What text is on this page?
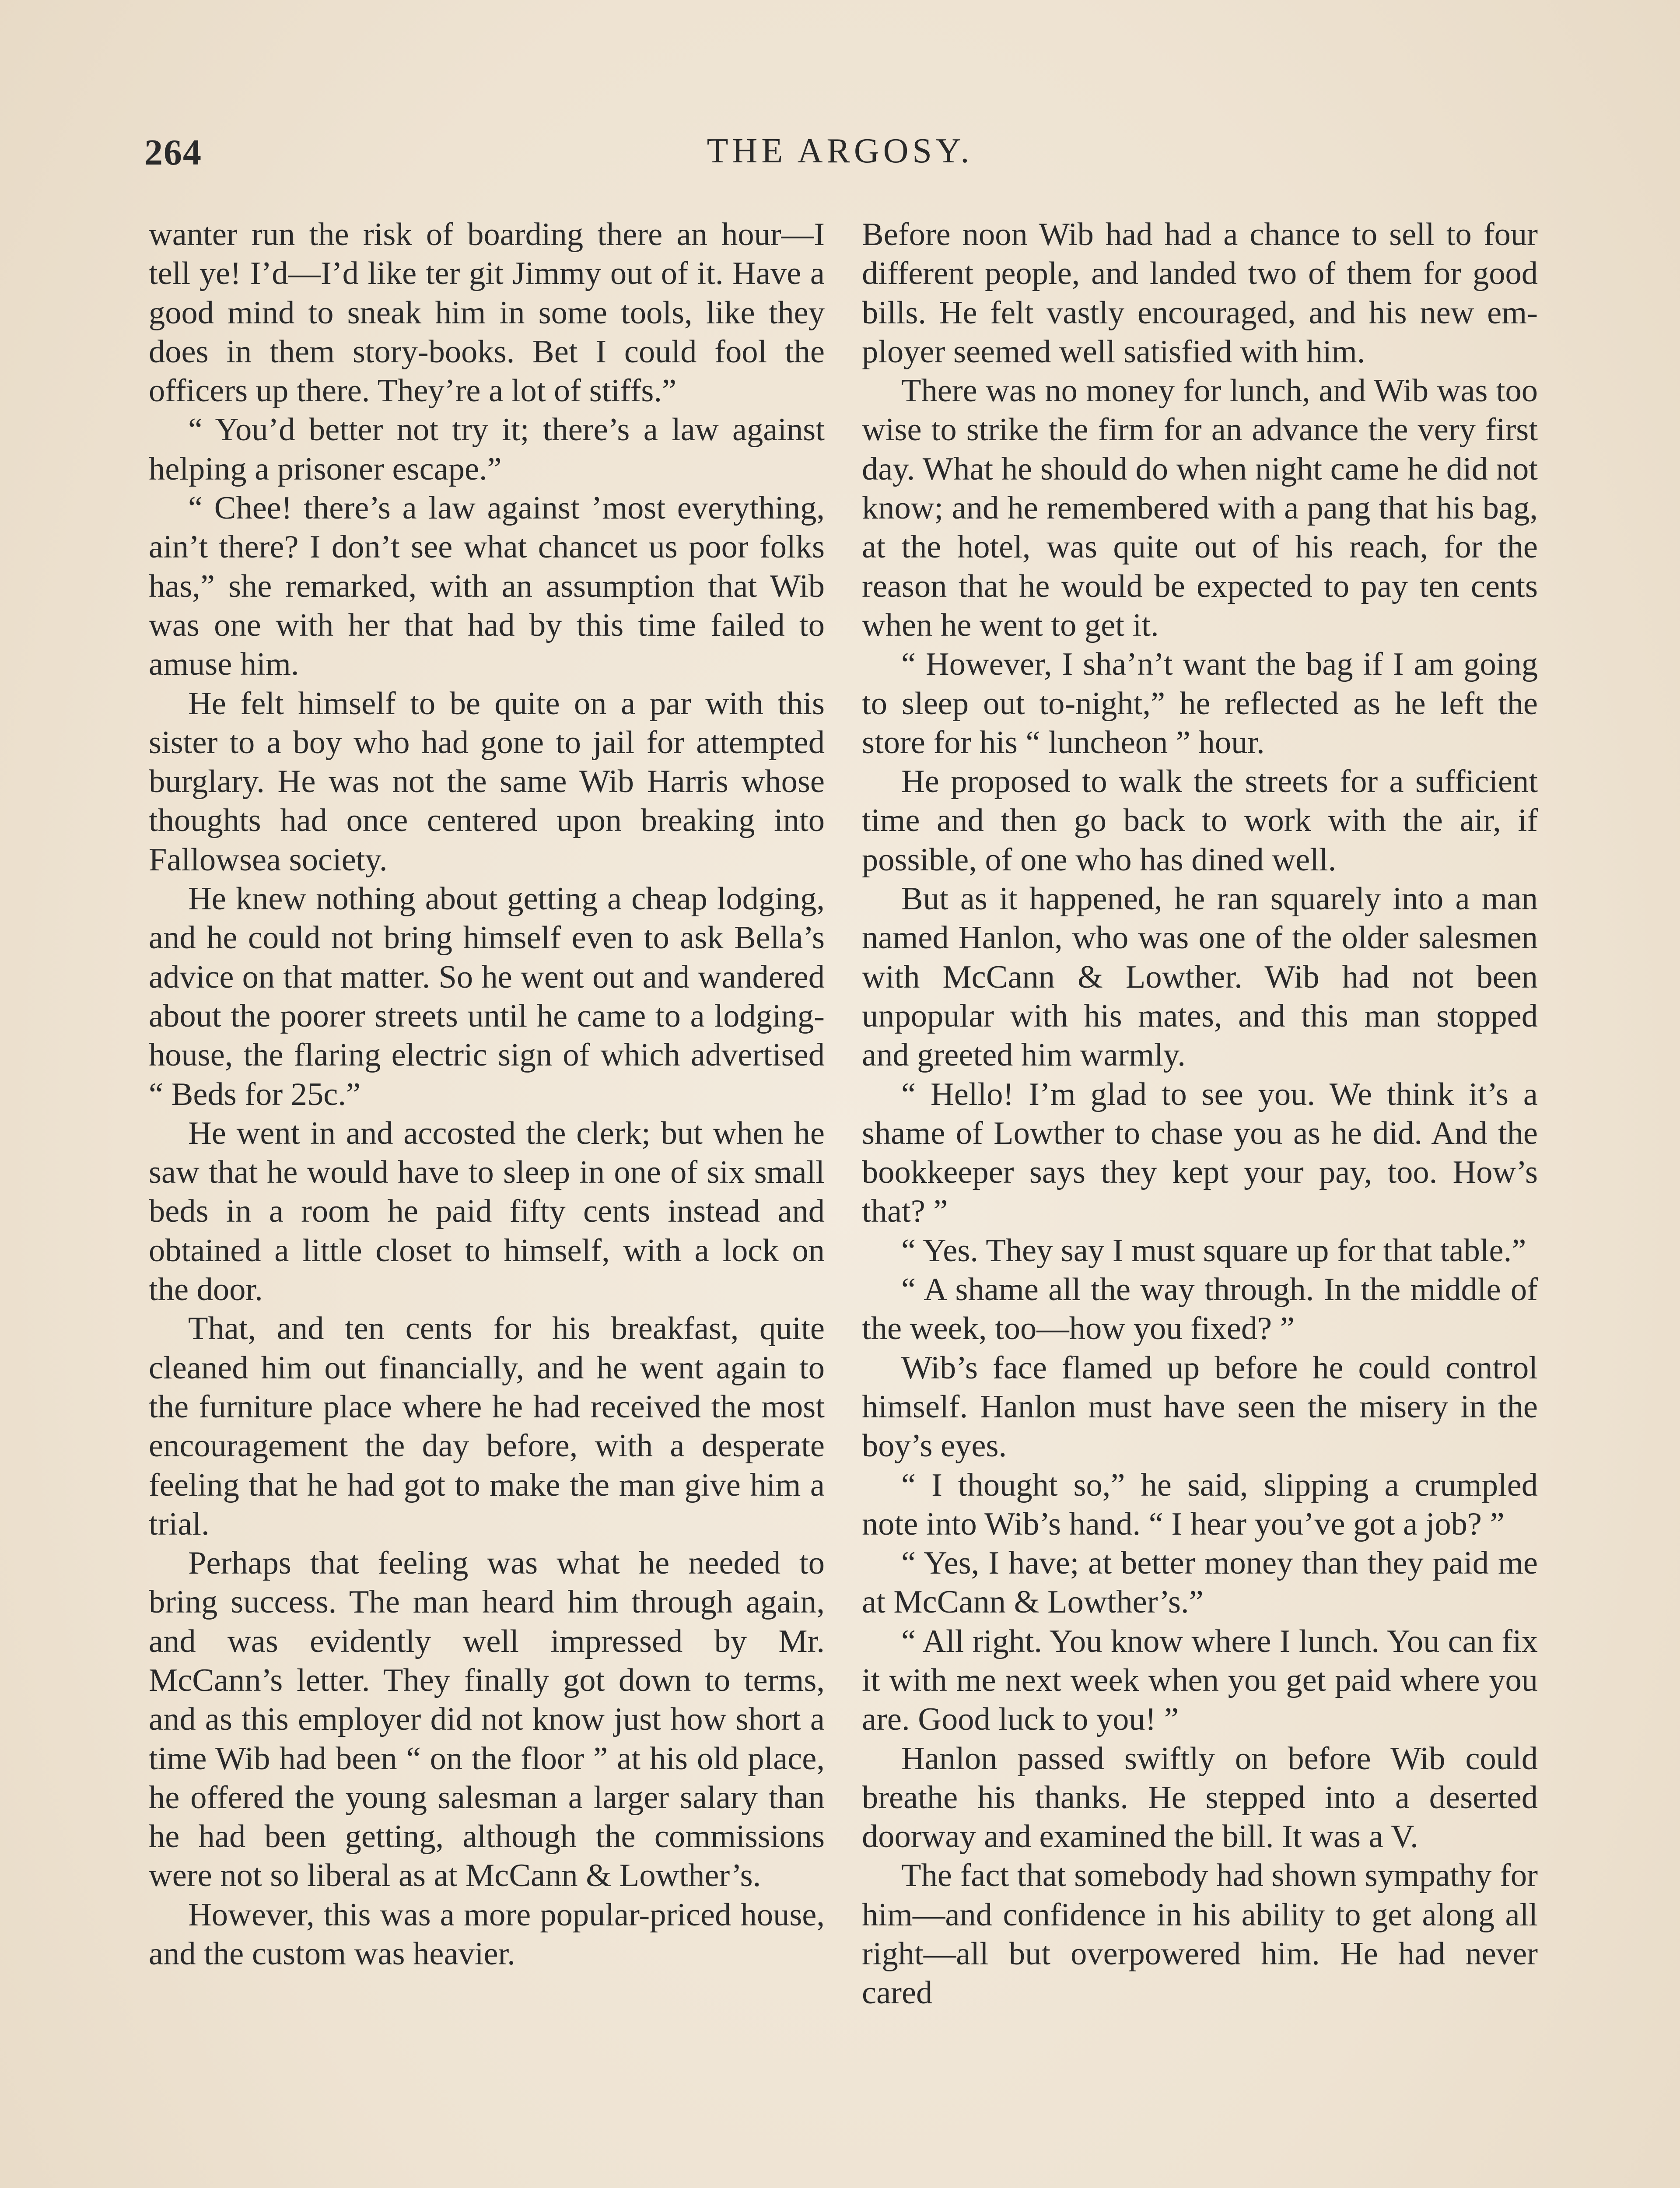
264	THE ARGOSY.

wanter run the risk of boarding there an hour—I tell ye! I’d—I’d like ter git Jimmy out of it. Have a good mind to sneak him in some tools, like they does in them story-books. Bet I could fool the officers up there. They’re a lot of stiffs.”

“ You’d better not try it; there’s a law against helping a prisoner escape.”

“ Chee! there’s a law against ’most everything, ain’t there? I don’t see what chancet us poor folks has,” she remarked, with an assumption that Wib was one with her that had by this time failed to amuse him.

He felt himself to be quite on a par with this sister to a boy who had gone to jail for attempted burglary. He was not the same Wib Harris whose thoughts had once centered upon breaking into Fallowsea society.

He knew nothing about getting a cheap lodging, and he could not bring himself even to ask Bella’s advice on that matter. So he went out and wandered about the poorer streets until he came to a lodging-house, the flaring electric sign of which advertised “ Beds for 25c.”

He went in and accosted the clerk; but when he saw that he would have to sleep in one of six small beds in a room he paid fifty cents instead and obtained a little closet to himself, with a lock on the door.

That, and ten cents for his breakfast, quite cleaned him out financially, and he went again to the furniture place where he had received the most encouragement the day before, with a desperate feeling that he had got to make the man give him a trial.

Perhaps that feeling was what he needed to bring success. The man heard him through again, and was evidently well impressed by Mr. McCann’s letter. They finally got down to terms, and as this employer did not know just how short a time Wib had been “ on the floor ” at his old place, he offered the young salesman a larger salary than he had been getting, although the commissions were not so liberal as at McCann & Lowther’s.

However, this was a more popular-priced house, and the custom was heavier.

Before noon Wib had had a chance to sell to four different people, and landed two of them for good bills. He felt vastly encouraged, and his new employer seemed well satisfied with him.

There was no money for lunch, and Wib was too wise to strike the firm for an advance the very first day. What he should do when night came he did not know; and he remembered with a pang that his bag, at the hotel, was quite out of his reach, for the reason that he would be expected to pay ten cents when he went to get it.

“ However, I sha’n’t want the bag if I am going to sleep out to-night,” he reflected as he left the store for his “ luncheon ” hour.

He proposed to walk the streets for a sufficient time and then go back to work with the air, if possible, of one who has dined well.

But as it happened, he ran squarely into a man named Hanlon, who was one of the older salesmen with McCann & Lowther. Wib had not been unpopular with his mates, and this man stopped and greeted him warmly.

“ Hello! I’m glad to see you. We think it’s a shame of Lowther to chase you as he did. And the bookkeeper says they kept your pay, too. How’s that? ”

“ Yes. They say I must square up for that table.”

“ A shame all the way through. In the middle of the week, too—how you fixed? ”

Wib’s face flamed up before he could control himself. Hanlon must have seen the misery in the boy’s eyes.

“ I thought so,” he said, slipping a crumpled note into Wib’s hand. “ I hear you’ve got a job? ”

“ Yes, I have; at better money than they paid me at McCann & Lowther’s.”

“ All right. You know where I lunch. You can fix it with me next week when you get paid where you are. Good luck to you! ”

Hanlon passed swiftly on before Wib could breathe his thanks. He stepped into a deserted doorway and examined the bill. It was a V.

The fact that somebody had shown sympathy for him—and confidence in his ability to get along all right—all but overpowered him. He had never cared
